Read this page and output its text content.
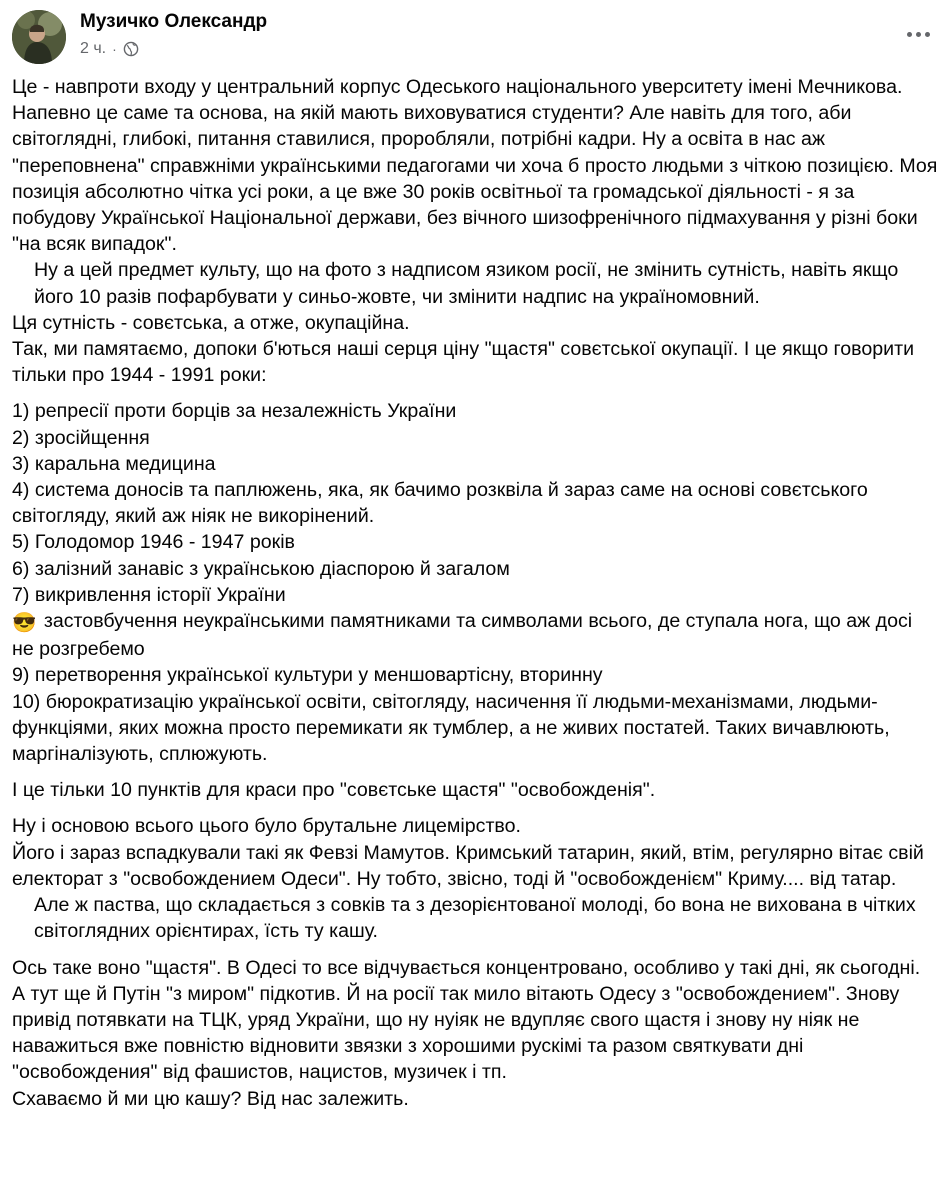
Музичко Олександр
2 ч. ·

Це - навпроти входу у центральний корпус Одеського національного уверситету імені Мечникова.

Напевно це саме та основа, на якій мають виховуватися студенти? Але навіть для того, аби світоглядні, глибокі, питання ставилися, проробляли, потрібні кадри. Ну а освіта в нас аж "переповнена" справжніми українськими педагогами чи хоча б просто людьми з чіткою позицією. Моя позиція абсолютно чітка усі роки, а це вже 30 років освітньої та громадської діяльності - я за побудову Української Національної держави, без вічного шизофренічного підмахування у різні боки "на всяк випадок".

Ну а цей предмет культу, що на фото з надписом язиком росії, не змінить сутність, навіть якщо його 10 разів пофарбувати у синьо-жовте, чи змінити надпис на україномовний.

Ця сутність - совєтська, а отже, окупаційна.

Так, ми памятаємо, допоки б'ються наші серця ціну "щастя" совєтської окупації. І це якщо говорити тільки про 1944 - 1991 роки:

1) репресії проти борців за незалежність України

2) зросійщення

3) каральна медицина

4) система доносів та паплюжень, яка, як бачимо розквіла й зараз саме на основі совєтського світогляду, який аж ніяк не викорінений.

5) Голодомор 1946 - 1947 років

6) залізний занавіс з українською діаспорою й загалом

7) викривлення історії України

😎 застовбучення неукраїнськими памятниками та символами всього, де ступала нога, що аж досі не розгребемо

9) перетворення української культури у меншовартісну, вторинну

10) бюрократизацію української освіти, світогляду, насичення її людьми-механізмами, людьми-функціями, яких можна просто перемикати як тумблер, а не живих постатей. Таких вичавлюють, маргіналізують, сплюжують.

І це тільки 10 пунктів для краси про "совєтське щастя" "освобожденія".

Ну і основою всього цього було брутальне лицемірство.

Його і зараз вспадкували такі як Февзі Мамутов. Кримський татарин, який, втім, регулярно вітає свій електорат з "освобождением Одеси". Ну тобто, звісно, тоді й "освобожденієм" Криму.... від татар.

Але ж паства, що складається з совків та з дезорієнтованої молоді, бо вона не вихована в чітких світоглядних орієнтирах, їсть ту кашу.

Ось таке воно "щастя". В Одесі то все відчувається концентровано, особливо у такі дні, як сьогодні. А тут ще й Путін "з миром" підкотив. Й на росії так мило вітають Одесу з "освобождением". Знову привід потявкати на ТЦК, уряд України, що ну нуіяк не вдупляє свого щастя і знову ну ніяк не наважиться вже повністю відновити звязки з хорошими рускімі та разом святкувати дні "освобождения" від фашистов, нацистов, музичек і тп.

Схаваємо й ми цю кашу? Від нас залежить.
